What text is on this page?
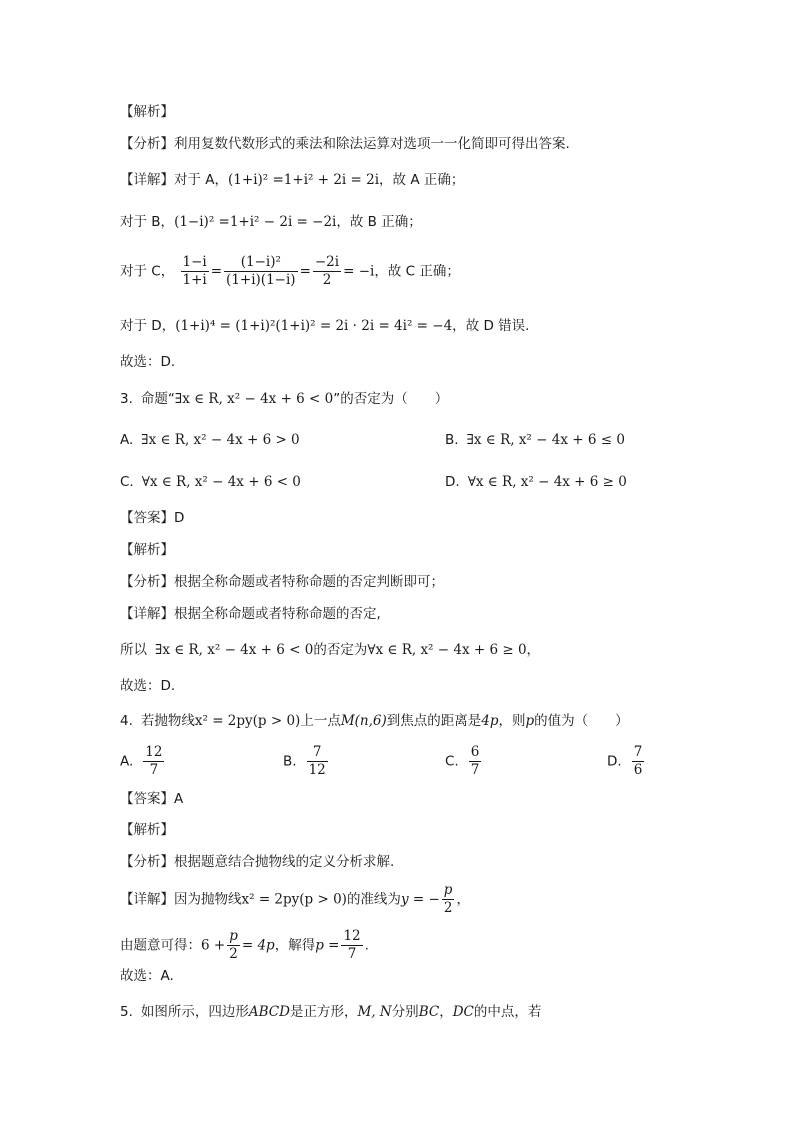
【解析】
【分析】利用复数代数形式的乘法和除法运算对选项一一化简即可得出答案.
【详解】对于 A，(1+i)² =1+i² + 2i = 2i，故 A 正确；
对于 B，(1−i)² =1+i² − 2i = −2i，故 B 正确；
对于 C， $\frac{1-i}{1+i} = \frac{\text{(1−i)²}}{(1+i)(1-i)} = \frac{-2i}{2} = -i$，故 C 正确；
对于 D，(1+i)⁴ = (1+i)²(1+i)² = 2i · 2i = 4i² = −4，故 D 错误.
故选：D.
3. 命题“∃x ∈ R, x² − 4x + 6 < 0”的否定为（　　）
A. ∃x ∈ R, x² − 4x + 6 > 0	B. ∃x ∈ R, x² − 4x + 6 ≤ 0
C. ∀x ∈ R, x² − 4x + 6 < 0	D. ∀x ∈ R, x² − 4x + 6 ≥ 0
【答案】D
【解析】
【分析】根据全称命题或者特称命题的否定判断即可；
【详解】根据全称命题或者特称命题的否定,
所以 ∃x ∈ R, x² − 4x + 6 < 0的否定为∀x ∈ R, x² − 4x + 6 ≥ 0，
故选：D.
4. 若抛物线x² = 2py(p > 0)上一点M(n,6)到焦点的距离是4p，则p的值为（　　）
A. $\frac{12}{7}$	B. $\frac{7}{12}$	C. $\frac{6}{7}$	D. $\frac{7}{6}$
【答案】A
【解析】
【分析】根据题意结合抛物线的定义分析求解.
【详解】因为抛物线x² = 2py(p > 0)的准线为y = − $\frac{p}{2}$ ，
由题意可得：$6 + \frac{p}{2} = 4p$，解得$p = \frac{12}{7}$ .
故选：A.
5. 如图所示，四边形ABCD是正方形，M, N分别BC，DC的中点，若
